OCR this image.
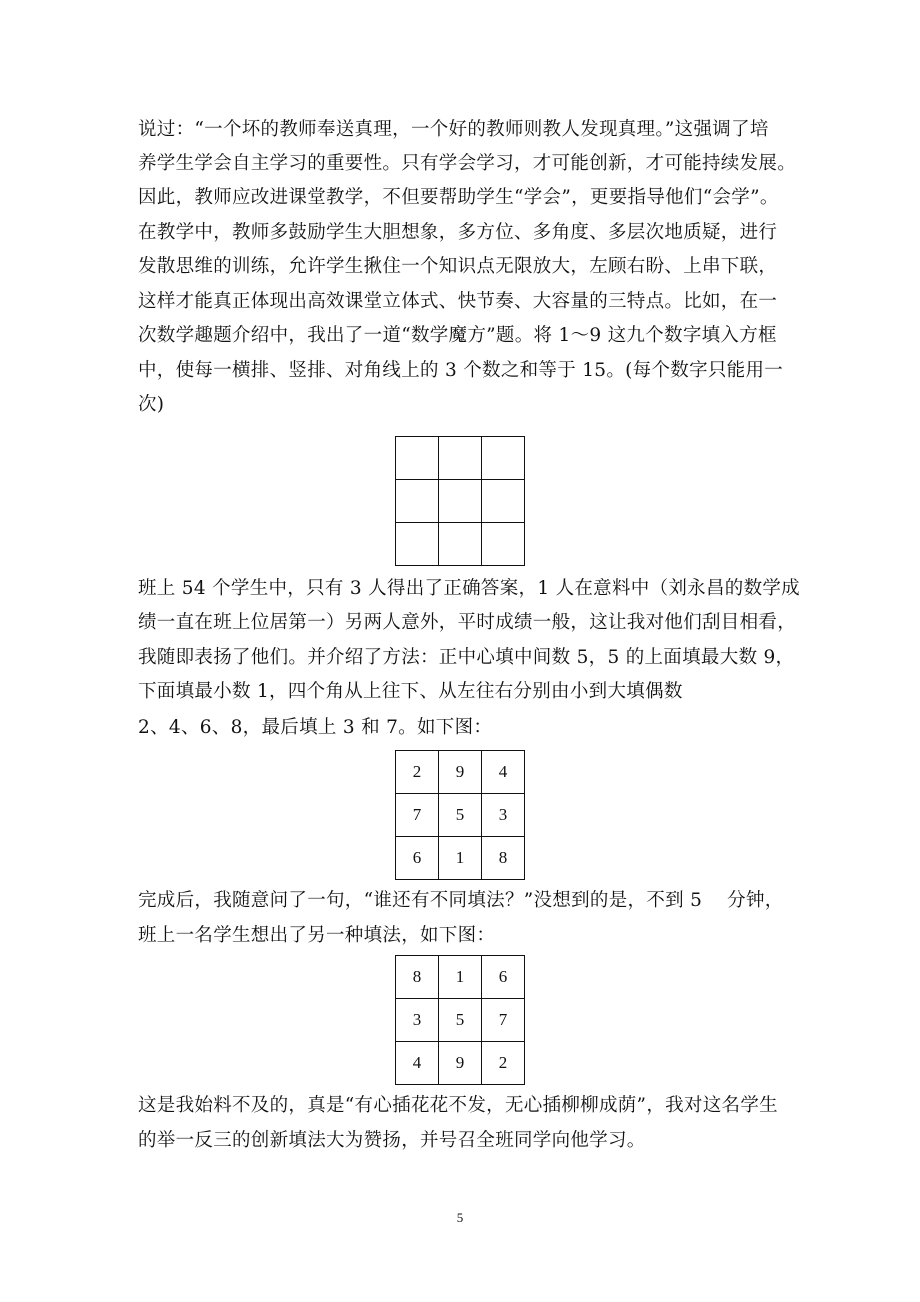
说过：“一个坏的教师奉送真理，一个好的教师则教人发现真理。”这强调了培
养学生学会自主学习的重要性。只有学会学习，才可能创新，才可能持续发展。
因此，教师应改进课堂教学，不但要帮助学生“学会”，更要指导他们“会学”。
在教学中，教师多鼓励学生大胆想象，多方位、多角度、多层次地质疑，进行
发散思维的训练，允许学生揪住一个知识点无限放大，左顾右盼、上串下联，
这样才能真正体现出高效课堂立体式、快节奏、大容量的三特点。比如，在一
次数学趣题介绍中，我出了一道“数学魔方”题。将 1～9 这九个数字填入方框
中，使每一横排、竖排、对角线上的 3 个数之和等于 15。(每个数字只能用一
次)

班上 54 个学生中，只有 3 人得出了正确答案，1 人在意料中（刘永昌的数学成
绩一直在班上位居第一）另两人意外，平时成绩一般，这让我对他们刮目相看，
我随即表扬了他们。并介绍了方法：正中心填中间数 5，5 的上面填最大数 9，
下面填最小数 1，四个角从上往下、从左往右分别由小到大填偶数
2、4、6、8，最后填上 3 和 7。如下图：
2	9	4
7	5	3
6	1	8
完成后，我随意问了一句，“谁还有不同填法？”没想到的是，不到 5　 分钟，
班上一名学生想出了另一种填法，如下图：
8	1	6
3	5	7
4	9	2
这是我始料不及的，真是“有心插花花不发，无心插柳柳成荫”，我对这名学生
的举一反三的创新填法大为赞扬，并号召全班同学向他学习。
5
